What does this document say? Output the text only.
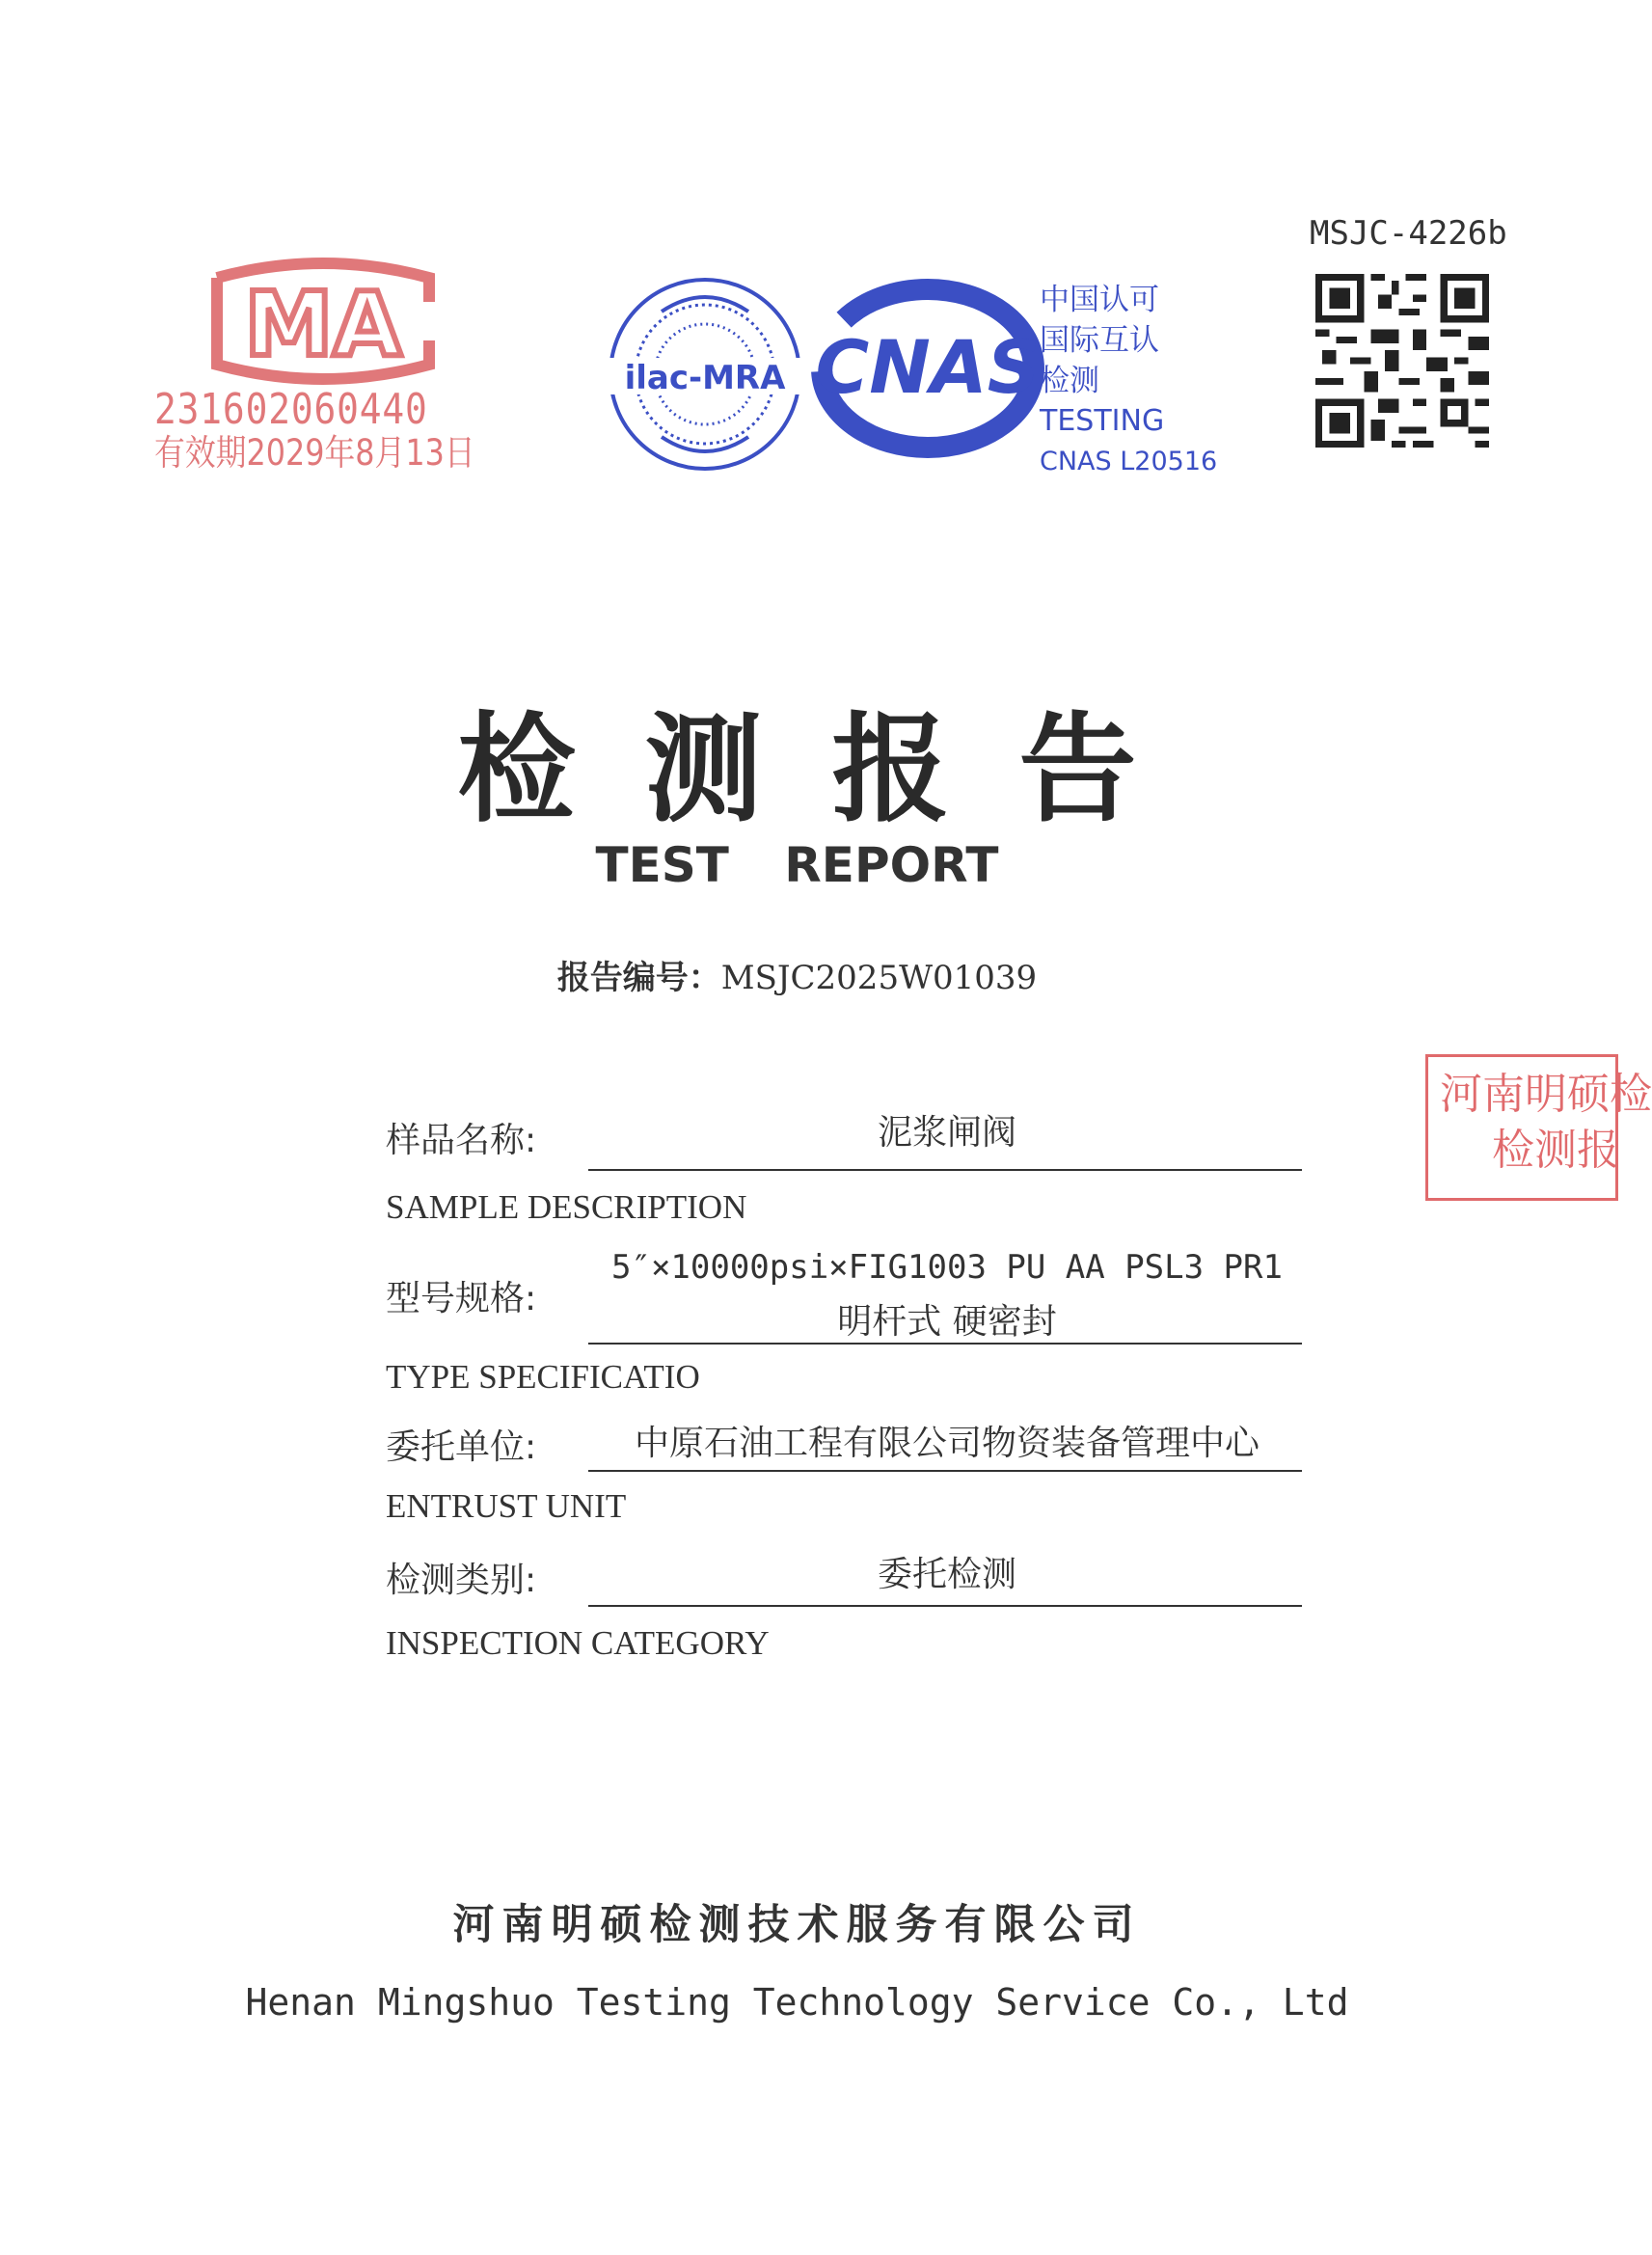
MSJC-4226b
MA
231602060440
有效期2029年8月13日
ilac-MRA CNAS
中国认可
国际互认
检测
TESTING
CNAS L20516
检测报告
TEST REPORT
报告编号：MSJC2025W01039
河南明硕检
检测报
样品名称:	泥浆闸阀
SAMPLE DESCRIPTION
型号规格:
5″×10000psi×FIG1003 PU AA PSL3 PR1
明杆式 硬密封
TYPE SPECIFICATIO
委托单位:	中原石油工程有限公司物资装备管理中心
ENTRUST UNIT
检测类别:	委托检测
INSPECTION CATEGORY
河南明硕检测技术服务有限公司
Henan Mingshuo Testing Technology Service Co., Ltd
